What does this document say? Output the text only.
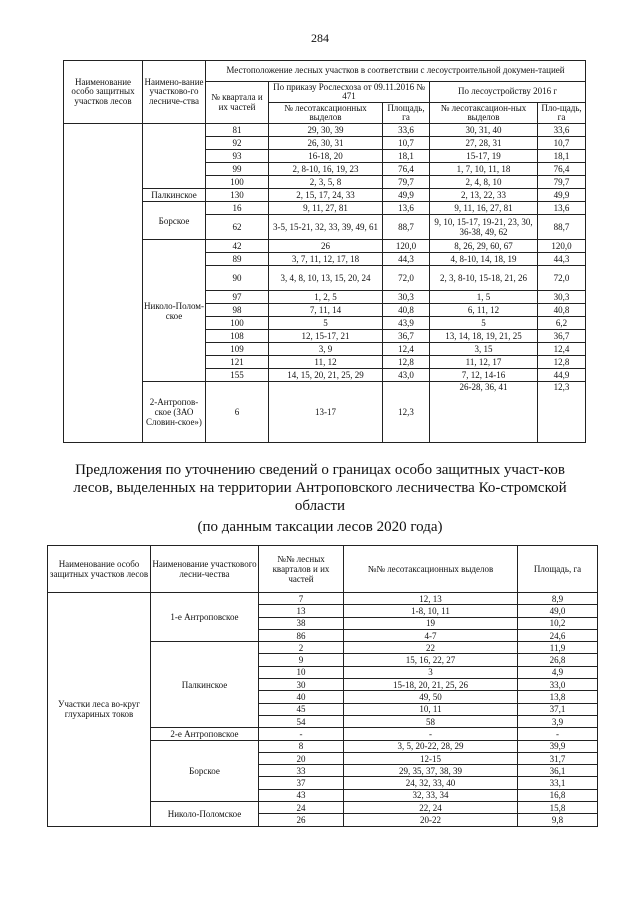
284
Наименование особо защитных участков лесов	Наимено-вание участково-го лесниче-ства	Местоположение лесных участков в соответствии с лесоустроительной докумен-тацией				
		№ квартала и их частей	По приказу Рослесхоза от 09.11.2016 № 471		По лесоустройству 2016 г	
			№ лесотаксационных выделов	Площадь, га	№ лесотаксацион-ных выделов	Пло-щадь, га
		81	29, 30, 39	33,6	30, 31, 40	33,6
		92	26, 30, 31	10,7	27, 28, 31	10,7
		93	16-18, 20	18,1	15-17, 19	18,1
		99	2, 8-10, 16, 19, 23	76,4	1, 7, 10, 11, 18	76,4
		100	2, 3, 5, 8	79,7	2, 4, 8, 10	79,7
	Палкинское	130	2, 15, 17, 24, 33	49,9	2, 13, 22, 33	49,9
	Борское	16	9, 11, 27, 81	13,6	9, 11, 16, 27, 81	13,6
		62	3-5, 15-21, 32, 33, 39, 49, 61	88,7	9, 10, 15-17, 19-21, 23, 30, 36-38, 49, 62	88,7
	Николо-Поломское	42	26	120,0	8, 26, 29, 60, 67	120,0
		89	3, 7, 11, 12, 17, 18	44,3	4, 8-10, 14, 18, 19	44,3
		90	3, 4, 8, 10, 13, 15, 20, 24	72,0	2, 3, 8-10, 15-18, 21, 26	72,0
		97	1, 2, 5	30,3	1, 5	30,3
		98	7, 11, 14	40,8	6, 11, 12	40,8
		100	5	43,9	5	6,2
		108	12, 15-17, 21	36,7	13, 14, 18, 19, 21, 25	36,7
		109	3, 9	12,4	3, 15	12,4
		121	11, 12	12,8	11, 12, 17	12,8
		155	14, 15, 20, 21, 25, 29	43,0	7, 12, 14-16	44,9
	2-Антропов-ское (ЗАО Словин-ское»)	6	13-17	12,3	26-28, 36, 41	12,3
Предложения по уточнению сведений о границах особо защитных участ-ков лесов, выделенных на территории Антроповского лесничества Ко-стромской области
(по данным таксации лесов 2020 года)
Наименование особо защитных участков лесов	Наименование участкового лесни-чества	№№ лесных кварталов и их частей	№№ лесотаксационных выделов	Площадь, га
Участки леса во-круг глухариных токов	1-е Антроповское	7	12, 13	8,9
		13	1-8, 10, 11	49,0
		38	19	10,2
		86	4-7	24,6
	Палкинское	2	22	11,9
		9	15, 16, 22, 27	26,8
		10	3	4,9
		30	15-18, 20, 21, 25, 26	33,0
		40	49, 50	13,8
		45	10, 11	37,1
		54	58	3,9
	2-е Антроповское	-	-	-
	Борское	8	3, 5, 20-22, 28, 29	39,9
		20	12-15	31,7
		33	29, 35, 37, 38, 39	36,1
		37	24, 32, 33, 40	33,1
		43	32, 33, 34	16,8
	Николо-Поломское	24	22, 24	15,8
		26	20-22	9,8
